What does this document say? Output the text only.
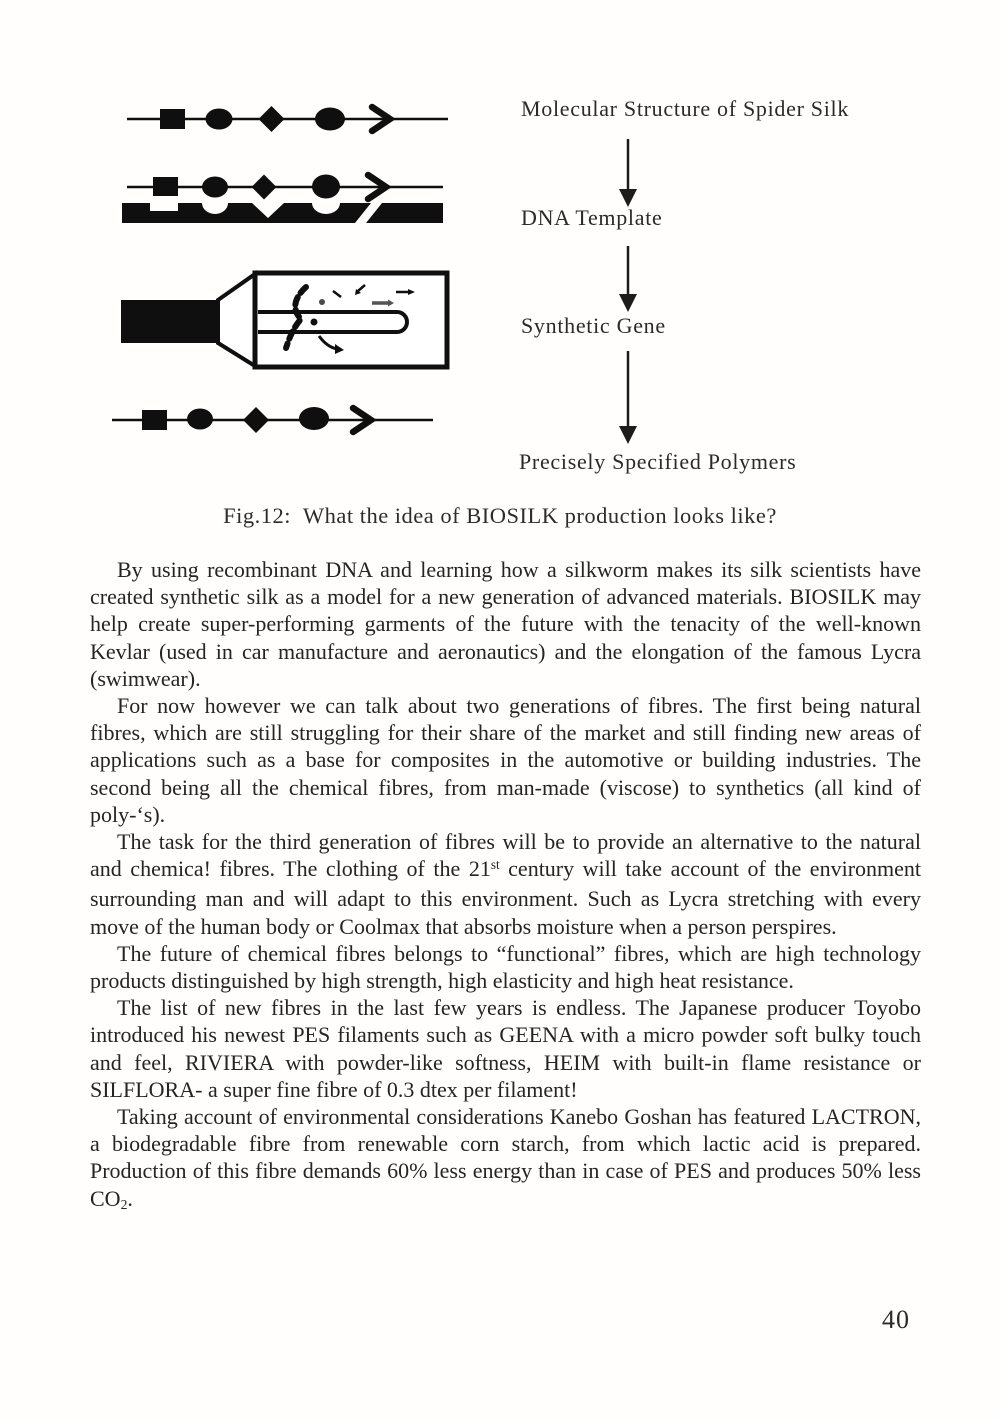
Molecular Structure of Spider Silk
DNA Template
Synthetic Gene
Precisely Specified Polymers
Fig.12:  What the idea of BIOSILK production looks like?

By using recombinant DNA and learning how a silkworm makes its silk scientists have created synthetic silk as a model for a new generation of advanced materials. BIOSILK may help create super-performing garments of the future with the tenacity of the well-known Kevlar (used in car manufacture and aeronautics) and the elongation of the famous Lycra (swimwear).

For now however we can talk about two generations of fibres. The first being natural fibres, which are still struggling for their share of the market and still finding new areas of applications such as a base for composites in the automotive or building industries. The second being all the chemical fibres, from man-made (viscose) to synthetics (all kind of poly-‘s).

The task for the third generation of fibres will be to provide an alternative to the natural and chemica! fibres. The clothing of the 21st century will take account of the environment surrounding man and will adapt to this environment. Such as Lycra stretching with every move of the human body or Coolmax that absorbs moisture when a person perspires.

The future of chemical fibres belongs to “functional” fibres, which are high technology products distinguished by high strength, high elasticity and high heat resistance.

The list of new fibres in the last few years is endless. The Japanese producer Toyobo introduced his newest PES filaments such as GEENA with a micro powder soft bulky touch and feel, RIVIERA with powder-like softness, HEIM with built-in flame resistance or SILFLORA- a super fine fibre of 0.3 dtex per filament!

Taking account of environmental considerations Kanebo Goshan has featured LACTRON, a biodegradable fibre from renewable corn starch, from which lactic acid is prepared. Production of this fibre demands 60% less energy than in case of PES and produces 50% less $CO_2$.

40
